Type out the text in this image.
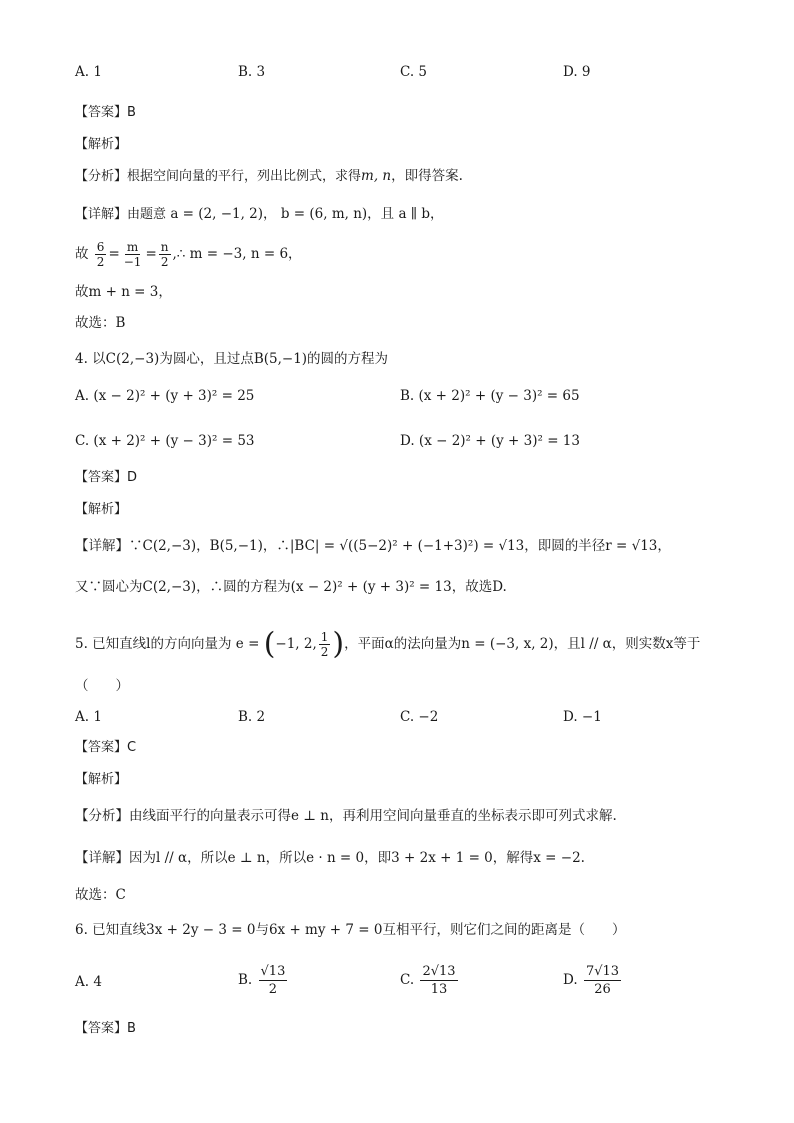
A. 1	B. 3	C. 5	D. 9
【答案】B
【解析】
【分析】根据空间向量的平行，列出比例式，求得m, n，即得答案.
【详解】由题意 a = (2, −1, 2)， b = (6, m, n)，且 a ∥ b，
故 $\frac{6}{2} = \frac{m}{-1} = \frac{n}{2}$ ,∴ m = −3, n = 6，
故m + n = 3，
故选：B
4. 以C(2,−3)为圆心，且过点B(5,−1)的圆的方程为
A. (x − 2)² + (y + 3)² = 25	B. (x + 2)² + (y − 3)² = 65
C. (x + 2)² + (y − 3)² = 53	D. (x − 2)² + (y + 3)² = 13
【答案】D
【解析】
【详解】∵C(2,−3)，B(5,−1)，∴|BC| = √((5−2)² + (−1+3)²) = √13，即圆的半径r = √13，
又∵圆心为C(2,−3)，∴圆的方程为(x − 2)² + (y + 3)² = 13，故选D.
5. 已知直线l的方向向量为 e = (−1, 2, $\frac{1}{2}$ )，平面α的法向量为n = (−3, x, 2)，且l // α，则实数x等于
（　　）
A. 1	B. 2	C. −2	D. −1
【答案】C
【解析】
【分析】由线面平行的向量表示可得e ⊥ n，再利用空间向量垂直的坐标表示即可列式求解.
【详解】因为l // α，所以e ⊥ n，所以e · n = 0，即3 + 2x + 1 = 0，解得x = −2.
故选：C
6. 已知直线3x + 2y − 3 = 0与6x + my + 7 = 0互相平行，则它们之间的距离是（　　）
A. 4	B. $\frac{√13}{2}$	C. $\frac{2√13}{13}$	D. $\frac{7√13}{26}$
【答案】B
